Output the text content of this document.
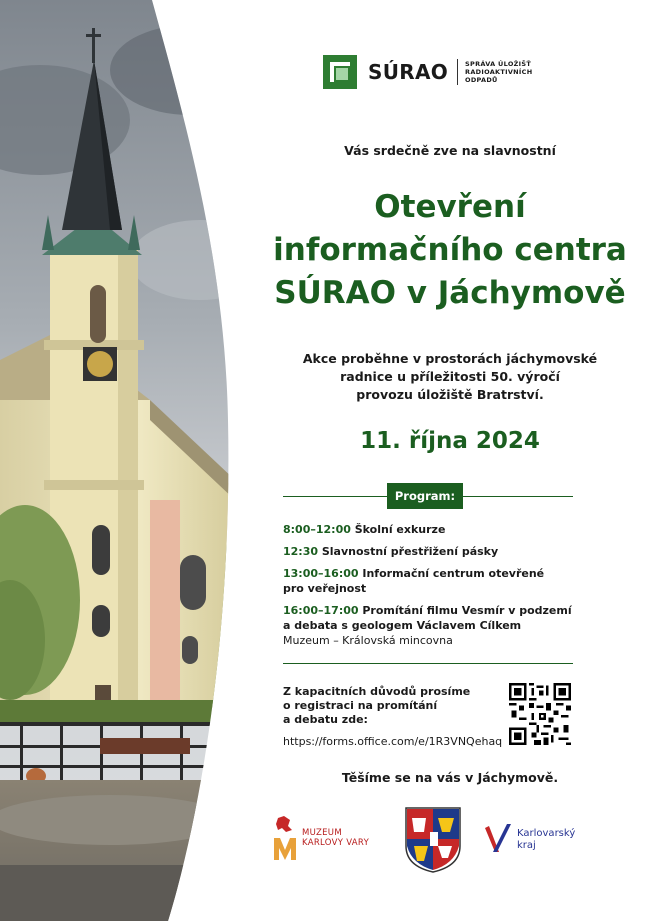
SÚRAO	SPRÁVA ÚLOŽIŠŤ RADIOAKTIVNÍCH ODPADŮ
Vás srdečně zve na slavnostní
Otevření
informačního centra
SÚRAO v Jáchymově
Akce proběhne v prostorách jáchymovské
radnice u příležitosti 50. výročí
provozu úložiště Bratrství.
11. října 2024
Program:
8:00–12:00 Školní exkurze
12:30 Slavnostní přestřižení pásky
13:00–16:00 Informační centrum otevřené
pro veřejnost
16:00–17:00 Promítání filmu Vesmír v podzemí
a debata s geologem Václavem Cílkem
Muzeum – Královská mincovna
Z kapacitních důvodů prosíme
o registraci na promítání
a debatu zde:
https://forms.office.com/e/1R3VNQehaq
Těšíme se na vás v Jáchymově.
MUZEUM
KARLOVY VARY
Karlovarský
kraj
